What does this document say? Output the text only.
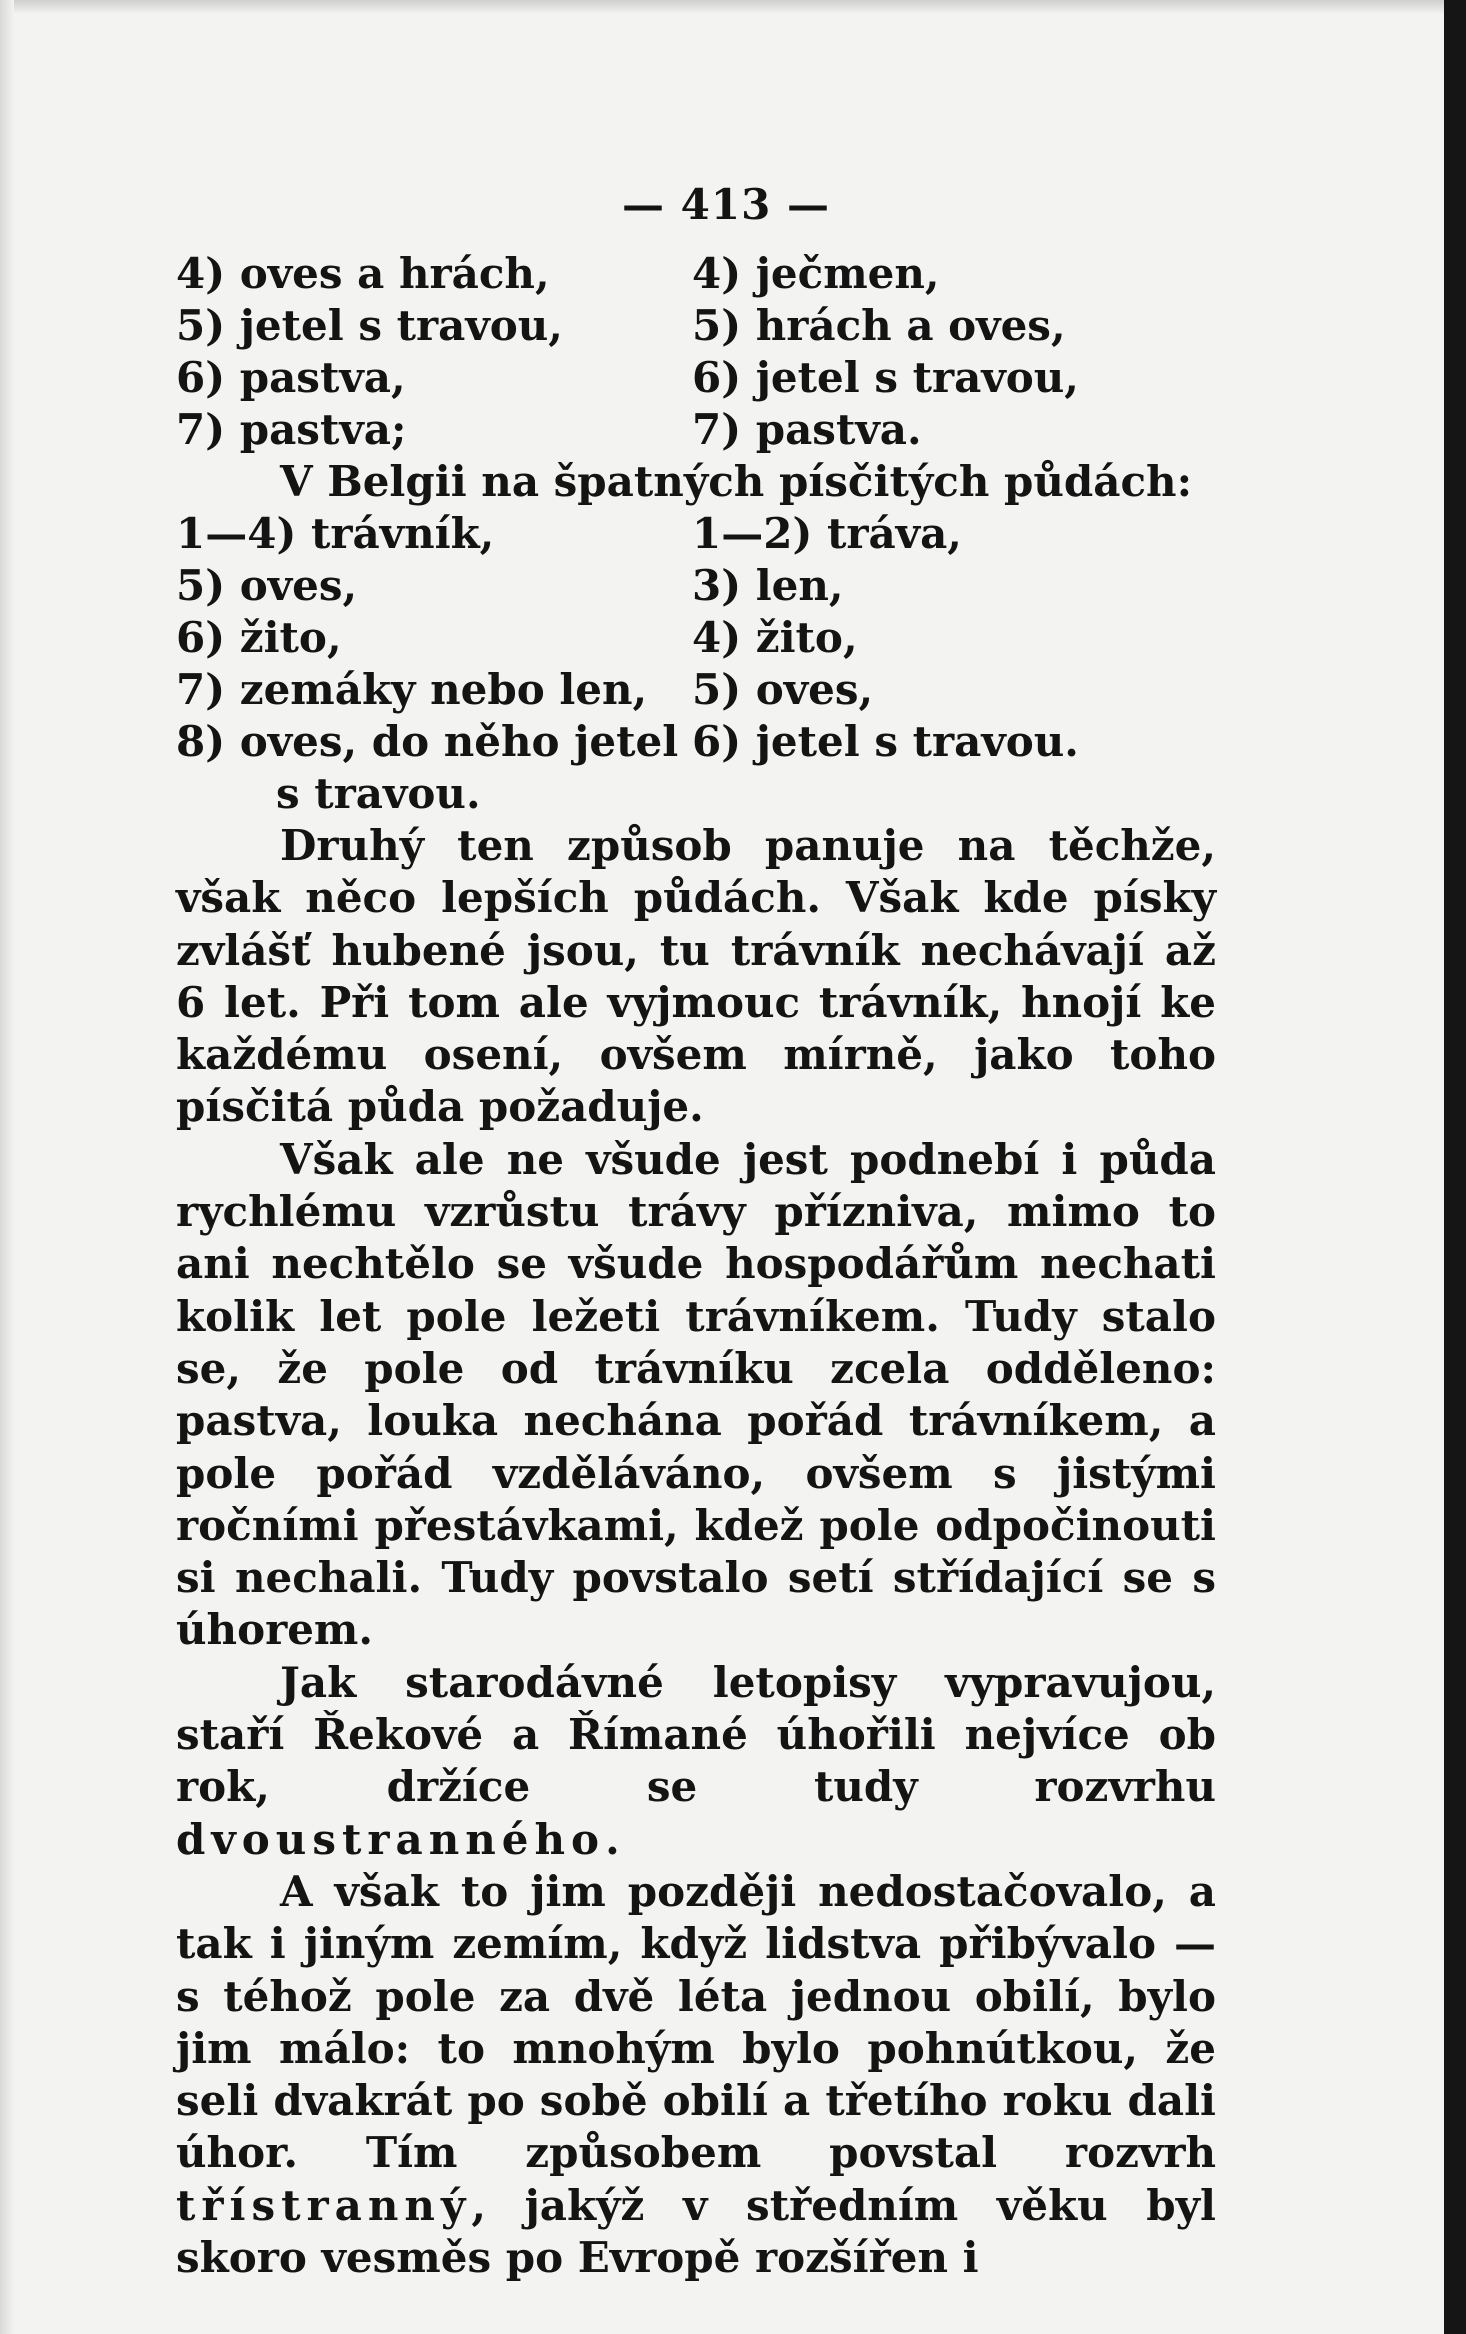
— 413 —
4) oves a hrách,	4) ječmen,
5) jetel s travou,	5) hrách a oves,
6) pastva,	6) jetel s travou,
7) pastva;	7) pastva.
V Belgii na špatných písčitých půdách:
1—4) trávník,	1—2) tráva,
5) oves,	3) len,
6) žito,	4) žito,
7) zemáky nebo len, 5) oves,
8) oves, do něho jetel 6) jetel s travou.
s travou.

Druhý ten způsob panuje na těchže, však něco lepších půdách. Však kde písky zvlášť hubené jsou, tu trávník nechávají až 6 let. Při tom ale vyjmouc trávník, hnojí ke každému osení, ovšem mírně, jako toho písčitá půda požaduje.

Však ale ne všude jest podnebí i půda rychlému vzrůstu trávy přízniva, mimo to ani nechtělo se všude hospodářům nechati kolik let pole ležeti trávníkem. Tudy stalo se, že pole od trávníku zcela odděleno: pastva, louka nechána pořád trávníkem, a pole pořád vzděláváno, ovšem s jistými ročními přestávkami, kdež pole odpočinouti si nechali. Tudy povstalo setí střídající se s úhorem.

Jak starodávné letopisy vypravujou, staří Řekové a Římané úhořili nejvíce ob rok, držíce se tudy rozvrhu dvoustranného.

A však to jim později nedostačovalo, a tak i jiným zemím, když lidstva přibývalo — s téhož pole za dvě léta jednou obilí, bylo jim málo: to mnohým bylo pohnútkou, že seli dvakrát po sobě obilí a třetího roku dali úhor. Tím způsobem povstal rozvrh třístranný, jakýž v středním věku byl skoro vesměs po Evropě rozšířen i
